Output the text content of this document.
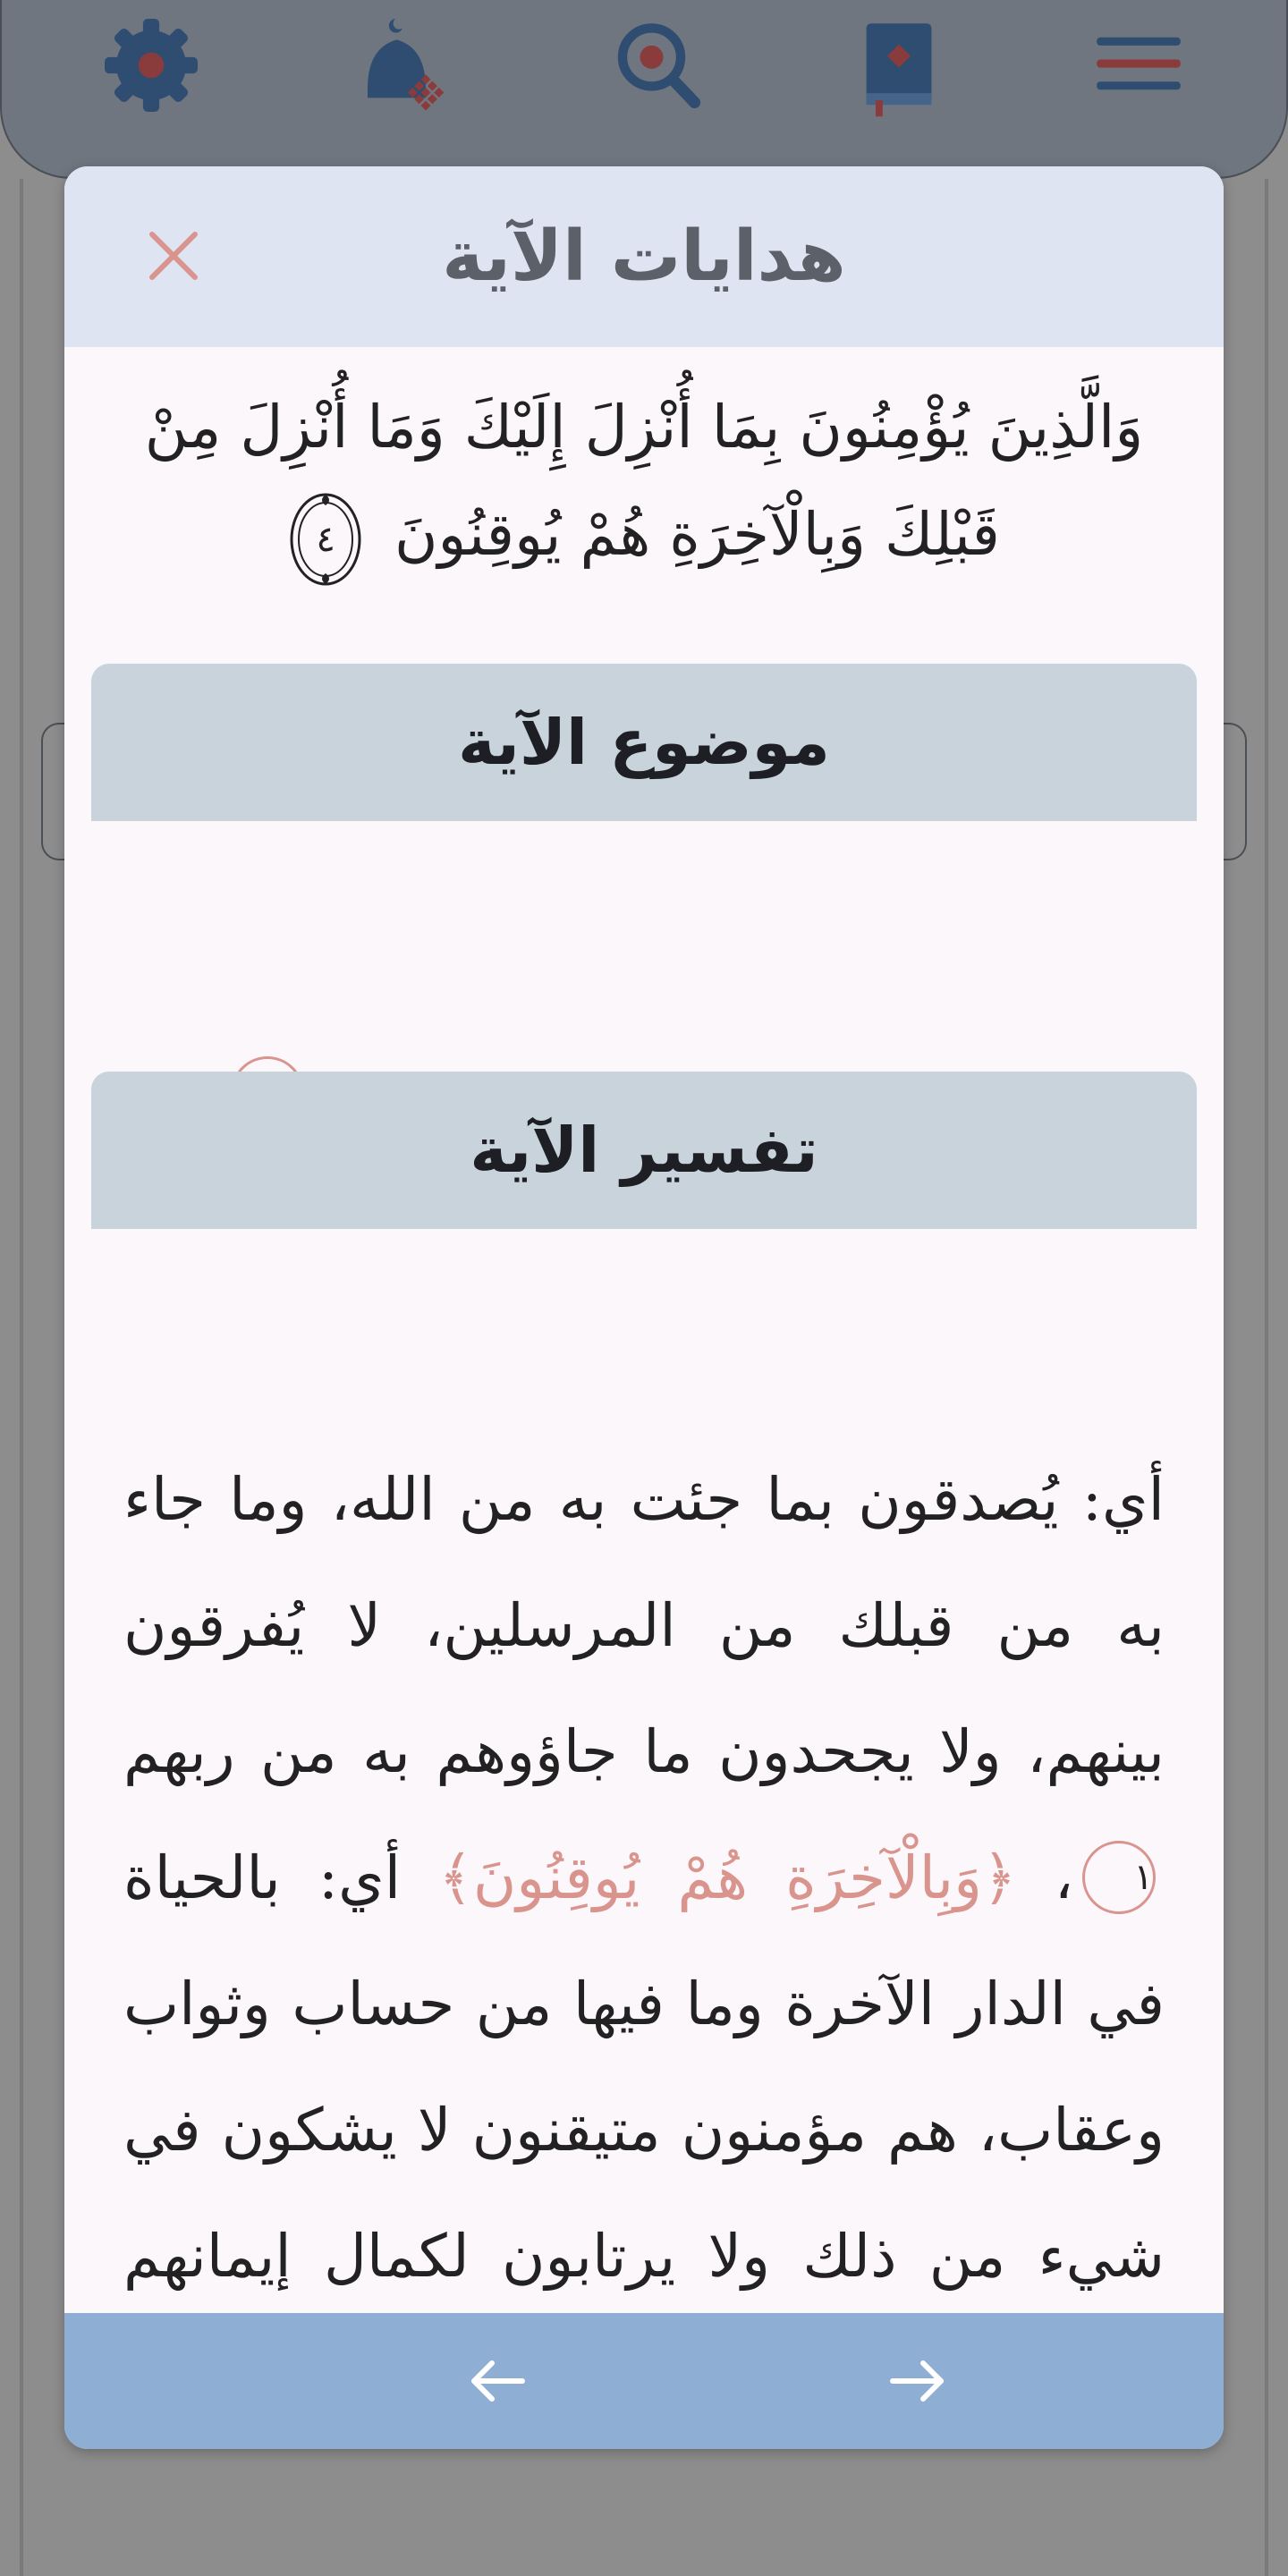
هدايات الآية
وَالَّذِينَ يُؤْمِنُونَ بِمَا أُنْزِلَ إِلَيْكَ وَمَا أُنْزِلَ مِنْ قَبْلِكَ وَبِالْآخِرَةِ هُمْ يُوقِنُونَ
٤
موضوع الآية
تفسير الآية
أي: يُصدقون بما جئت به من الله، وما جاء به من قبلك من المرسلين، لا يُفرقون بينهم، ولا يجحدون ما جاؤوهم به من ربهم١، ﴿وَبِالْآخِرَةِ هُمْ يُوقِنُونَ﴾ أي: بالحياة في الدار الآخرة وما فيها من حساب وثواب وعقاب، هم مؤمنون متيقنون لا يشكون في شيء من ذلك ولا يرتابون لكمال إيمانهم
